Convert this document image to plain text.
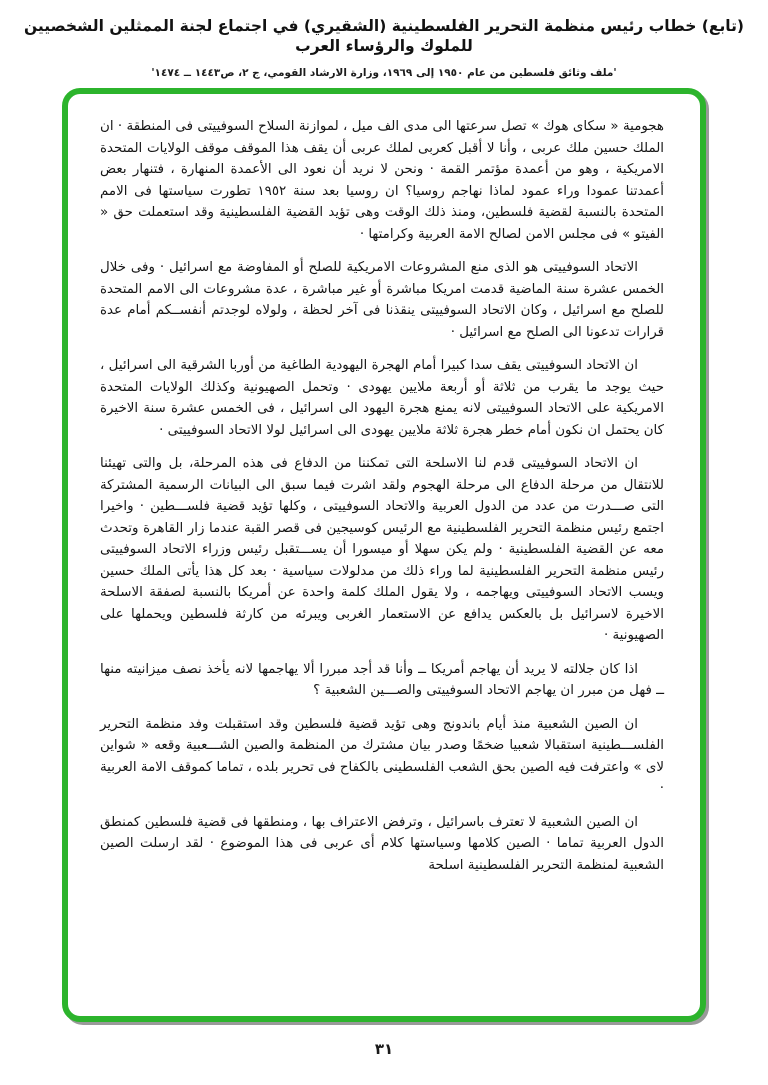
(تابع) خطاب رئيس منظمة التحرير الفلسطينية (الشقيري) في اجتماع لجنة الممثلين الشخصيين للملوك والرؤساء العرب
'ملف وثائق فلسطين من عام ١٩٥٠ إلى ١٩٦٩، وزارة الارشاد القومي، ج ٢، ص١٤٤٣ ــ ١٤٧٤'

هجومية « سكاى هوك » تصل سرعتها الى مدى الف ميل ، لموازنة السلاح السوفييتى فى المنطقة · ان الملك حسين ملك عربى ، وأنا لا أقبل كعربى لملك عربى أن يقف هذا الموقف موقف الولايات المتحدة الامريكية ، وهو من أعمدة مؤتمر القمة · ونحن لا نريد أن نعود الى الأعمدة المنهارة ، فتنهار بعض أعمدتنا عمودا وراء عمود لماذا نهاجم روسيا؟ ان روسيا بعد سنة ١٩٥٢ تطورت سياستها فى الامم المتحدة بالنسبة لقضية فلسطين، ومنذ ذلك الوقت وهى تؤيد القضية الفلسطينية وقد استعملت حق « الفيتو » فى مجلس الامن لصالح الامة العربية وكرامتها ·

الاتحاد السوفييتى هو الذى منع المشروعات الامريكية للصلح أو المفاوضة مع اسرائيل · وفى خلال الخمس عشرة سنة الماضية قدمت امريكا مباشرة أو غير مباشرة ، عدة مشروعات الى الامم المتحدة للصلح مع اسرائيل ، وكان الاتحاد السوفييتى ينقذنا فى آخر لحظة ، ولولاه لوجدتم أنفســكم أمام عدة قرارات تدعونا الى الصلح مع اسرائيل ·

ان الاتحاد السوفييتى يقف سدا كبيرا أمام الهجرة اليهودية الطاغية من أوربا الشرقية الى اسرائيل ، حيث يوجد ما يقرب من ثلاثة أو أربعة ملايين يهودى · وتحمل الصهيونية وكذلك الولايات المتحدة الامريكية على الاتحاد السوفييتى لانه يمنع هجرة اليهود الى اسرائيل ، فى الخمس عشرة سنة الاخيرة كان يحتمل ان نكون أمام خطر هجرة ثلاثة ملايين يهودى الى اسرائيل لولا الاتحاد السوفييتى ·

ان الاتحاد السوفييتى قدم لنا الاسلحة التى تمكننا من الدفاع فى هذه المرحلة، بل والتى تهيئنا للانتقال من مرحلة الدفاع الى مرحلة الهجوم ولقد اشرت فيما سبق الى البيانات الرسمية المشتركة التى صـــدرت من عدد من الدول العربية والاتحاد السوفييتى ، وكلها تؤيد قضية فلســـطين · واخيرا اجتمع رئيس منظمة التحرير الفلسطينية مع الرئيس كوسيجين فى قصر القبة عندما زار القاهرة وتحدث معه عن القضية الفلسطينية · ولم يكن سهلا أو ميسورا أن يســـتقبل رئيس وزراء الاتحاد السوفييتى رئيس منظمة التحرير الفلسطينية لما وراء ذلك من مدلولات سياسية · بعد كل هذا يأتى الملك حسين ويسب الاتحاد السوفييتى ويهاجمه ، ولا يقول الملك كلمة واحدة عن أمريكا بالنسبة لصفقة الاسلحة الاخيرة لاسرائيل بل بالعكس يدافع عن الاستعمار الغربى ويبرئه من كارثة فلسطين ويحملها على الصهيونية ·

اذا كان جلالته لا يريد أن يهاجم أمريكا ــ وأنا قد أجد مبررا ألا يهاجمها لانه يأخذ نصف ميزانيته منها ــ فهل من مبرر ان يهاجم الاتحاد السوفييتى والصـــين الشعبية ؟

ان الصين الشعبية منذ أيام باندونج وهى تؤيد قضية فلسطين وقد استقبلت وفد منظمة التحرير الفلســـطينية استقبالا شعبيا ضخمًا وصدر بيان مشترك من المنظمة والصين الشـــعبية وقعه « شواين لاى » واعترفت فيه الصين بحق الشعب الفلسطينى بالكفاح فى تحرير بلده ، تماما كموقف الامة العربية ·

ان الصين الشعبية لا تعترف باسرائيل ، وترفض الاعتراف بها ، ومنطقها فى قضية فلسطين كمنطق الدول العربية تماما · الصين كلامها وسياستها كلام أى عربى فى هذا الموضوع · لقد ارسلت الصين الشعبية لمنظمة التحرير الفلسطينية اسلحة

٣١
